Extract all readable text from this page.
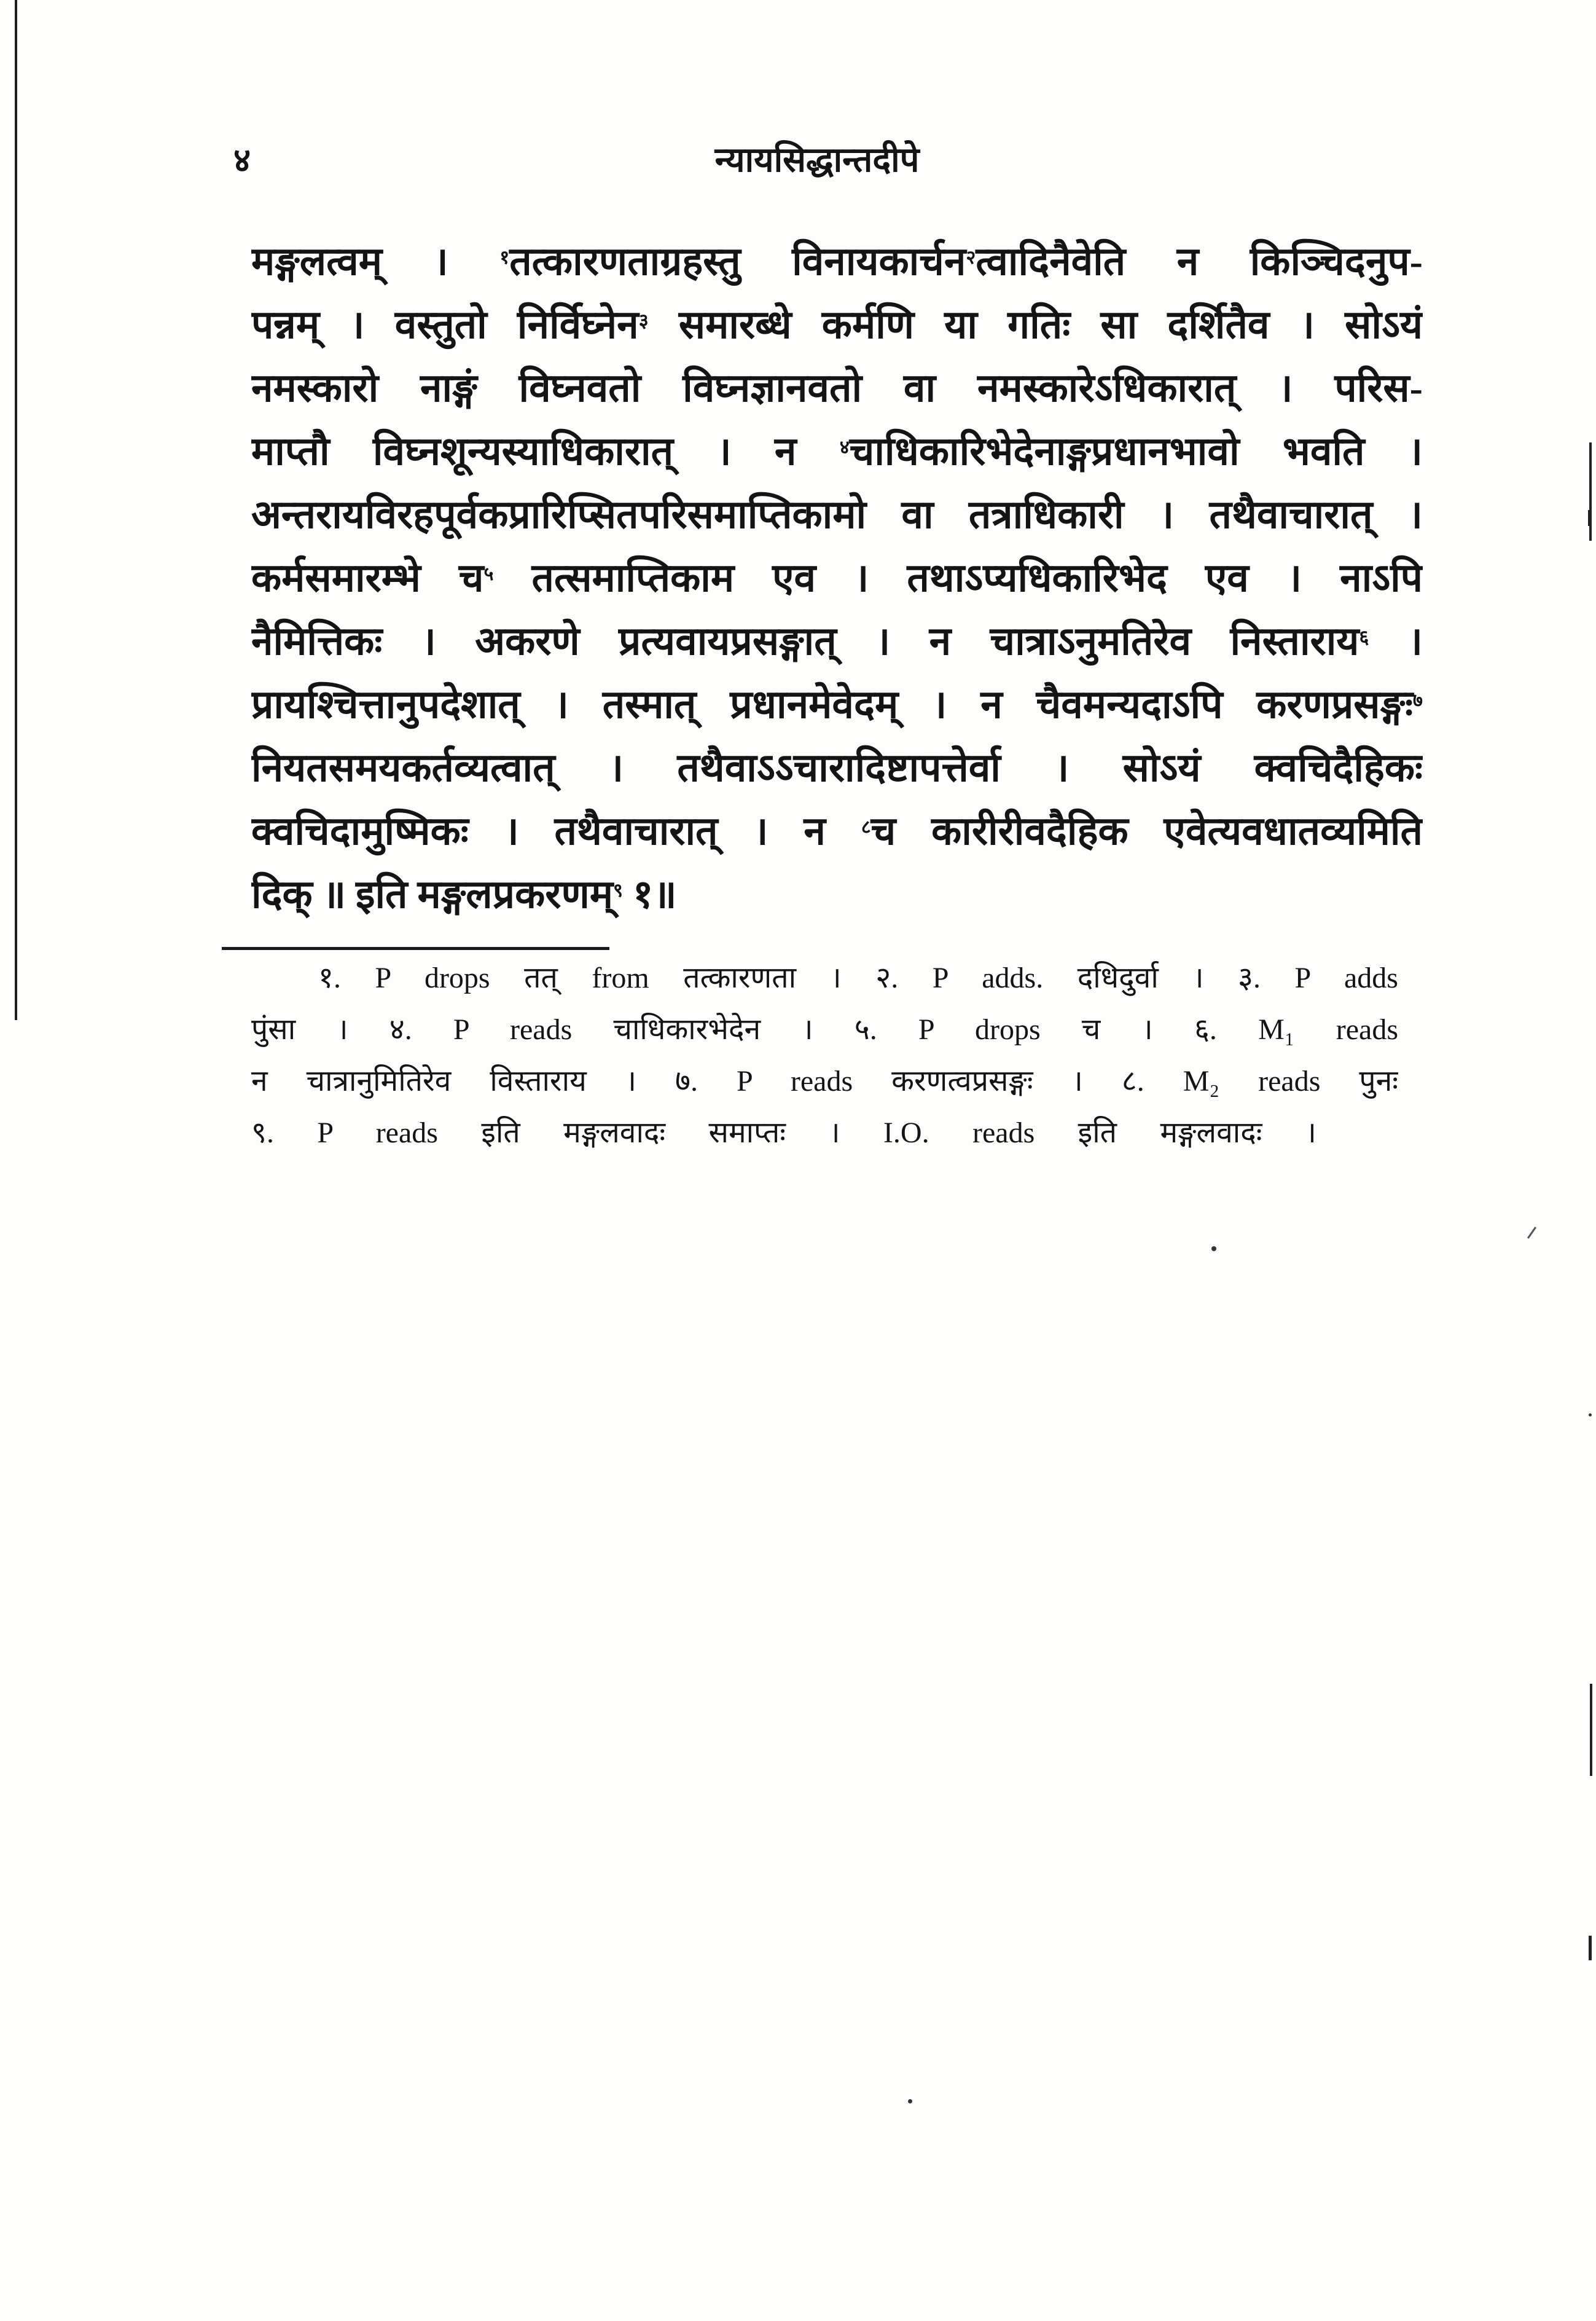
४	न्यायसिद्धान्तदीपे
मङ्गलत्वम् । $^१$तत्कारणताग्रहस्तु विनायकार्चन$^२$त्वादिनैवेति न किञ्चिदनुप-
पन्नम् । वस्तुतो निर्विघ्नेन$^३$ समारब्धे कर्मणि या गतिः सा दर्शितैव । सोऽयं
नमस्कारो नाङ्गं विघ्नवतो विघ्नज्ञानवतो वा नमस्कारेऽधिकारात् । परिस-
माप्तौ विघ्नशून्यस्याधिकारात् । न $^४$चाधिकारिभेदेनाङ्गप्रधानभावो भवति ।
अन्तरायविरहपूर्वकप्रारिप्सितपरिसमाप्तिकामो वा तत्राधिकारी । तथैवाचारात् ।
कर्मसमारम्भे च$^५$ तत्समाप्तिकाम एव । तथाऽप्यधिकारिभेद एव । नाऽपि
नैमित्तिकः । अकरणे प्रत्यवायप्रसङ्गात् । न चात्राऽनुमतिरेव निस्ताराय$^६$ ।
प्रायश्चित्तानुपदेशात् । तस्मात् प्रधानमेवेदम् । न चैवमन्यदाऽपि करणप्रसङ्गः$^७$
नियतसमयकर्तव्यत्वात् । तथैवाऽऽचारादिष्टापत्तेर्वा । सोऽयं क्वचिदैहिकः
क्वचिदामुष्मिकः । तथैवाचारात् । न $^८$च कारीरीवदैहिक एवेत्यवधातव्यमिति
दिक् ॥ इति मङ्गलप्रकरणम्$^९$ १॥
१. P drops तत् from तत्कारणता । २. P adds. दधिदुर्वा । ३. P adds
पुंसा । ४. P reads चाधिकारभेदेन । ५. P drops च । ६. M₁ reads
न चात्रानुमितिरेव विस्ताराय । ७. P reads करणत्वप्रसङ्गः । ८. M₂ reads पुनः
९. P reads इति मङ्गलवादः समाप्तः । I.O. reads इति मङ्गलवादः ।
